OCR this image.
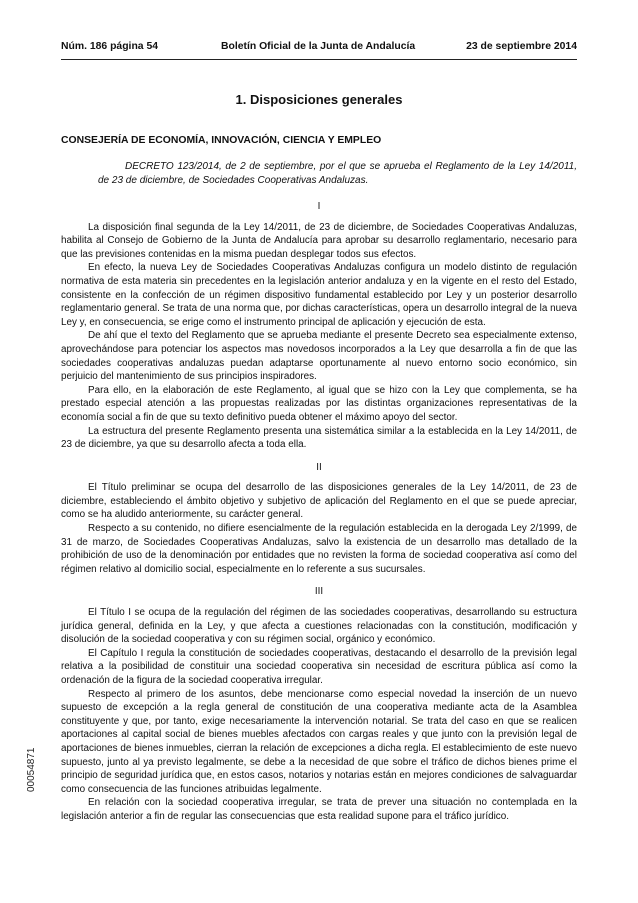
Núm. 186 página 54	Boletín Oficial de la Junta de Andalucía	23 de septiembre 2014
1. Disposiciones generales
CONSEJERÍA DE ECONOMÍA, INNOVACIÓN, CIENCIA Y EMPLEO
DECRETO 123/2014, de 2 de septiembre, por el que se aprueba el Reglamento de la Ley 14/2011, de 23 de diciembre, de Sociedades Cooperativas Andaluzas.
I

La disposición final segunda de la Ley 14/2011, de 23 de diciembre, de Sociedades Cooperativas Andaluzas, habilita al Consejo de Gobierno de la Junta de Andalucía para aprobar su desarrollo reglamentario, necesario para que las previsiones contenidas en la misma puedan desplegar todos sus efectos.

En efecto, la nueva Ley de Sociedades Cooperativas Andaluzas configura un modelo distinto de regulación normativa de esta materia sin precedentes en la legislación anterior andaluza y en la vigente en el resto del Estado, consistente en la confección de un régimen dispositivo fundamental establecido por Ley y un posterior desarrollo reglamentario general. Se trata de una norma que, por dichas características, opera un desarrollo integral de la nueva Ley y, en consecuencia, se erige como el instrumento principal de aplicación y ejecución de esta.

De ahí que el texto del Reglamento que se aprueba mediante el presente Decreto sea especialmente extenso, aprovechándose para potenciar los aspectos mas novedosos incorporados a la Ley que desarrolla a fin de que las sociedades cooperativas andaluzas puedan adaptarse oportunamente al nuevo entorno socio económico, sin perjuicio del mantenimiento de sus principios inspiradores.

Para ello, en la elaboración de este Reglamento, al igual que se hizo con la Ley que complementa, se ha prestado especial atención a las propuestas realizadas por las distintas organizaciones representativas de la economía social a fin de que su texto definitivo pueda obtener el máximo apoyo del sector.

La estructura del presente Reglamento presenta una sistemática similar a la establecida en la Ley 14/2011, de 23 de diciembre, ya que su desarrollo afecta a toda ella.

II

El Título preliminar se ocupa del desarrollo de las disposiciones generales de la Ley 14/2011, de 23 de diciembre, estableciendo el ámbito objetivo y subjetivo de aplicación del Reglamento en el que se puede apreciar, como se ha aludido anteriormente, su carácter general.

Respecto a su contenido, no difiere esencialmente de la regulación establecida en la derogada Ley 2/1999, de 31 de marzo, de Sociedades Cooperativas Andaluzas, salvo la existencia de un desarrollo mas detallado de la prohibición de uso de la denominación por entidades que no revisten la forma de sociedad cooperativa así como del régimen relativo al domicilio social, especialmente en lo referente a sus sucursales.

III

El Título I se ocupa de la regulación del régimen de las sociedades cooperativas, desarrollando su estructura jurídica general, definida en la Ley, y que afecta a cuestiones relacionadas con la constitución, modificación y disolución de la sociedad cooperativa y con su régimen social, orgánico y económico.

El Capítulo I regula la constitución de sociedades cooperativas, destacando el desarrollo de la previsión legal relativa a la posibilidad de constituir una sociedad cooperativa sin necesidad de escritura pública así como la ordenación de la figura de la sociedad cooperativa irregular.

Respecto al primero de los asuntos, debe mencionarse como especial novedad la inserción de un nuevo supuesto de excepción a la regla general de constitución de una cooperativa mediante acta de la Asamblea constituyente y que, por tanto, exige necesariamente la intervención notarial. Se trata del caso en que se realicen aportaciones al capital social de bienes muebles afectados con cargas reales y que junto con la previsión legal de aportaciones de bienes inmuebles, cierran la relación de excepciones a dicha regla. El establecimiento de este nuevo supuesto, junto al ya previsto legalmente, se debe a la necesidad de que sobre el tráfico de dichos bienes prime el principio de seguridad jurídica que, en estos casos, notarios y notarias están en mejores condiciones de salvaguardar como consecuencia de las funciones atribuidas legalmente.

En relación con la sociedad cooperativa irregular, se trata de prever una situación no contemplada en la legislación anterior a fin de regular las consecuencias que esta realidad supone para el tráfico jurídico.

00054871
